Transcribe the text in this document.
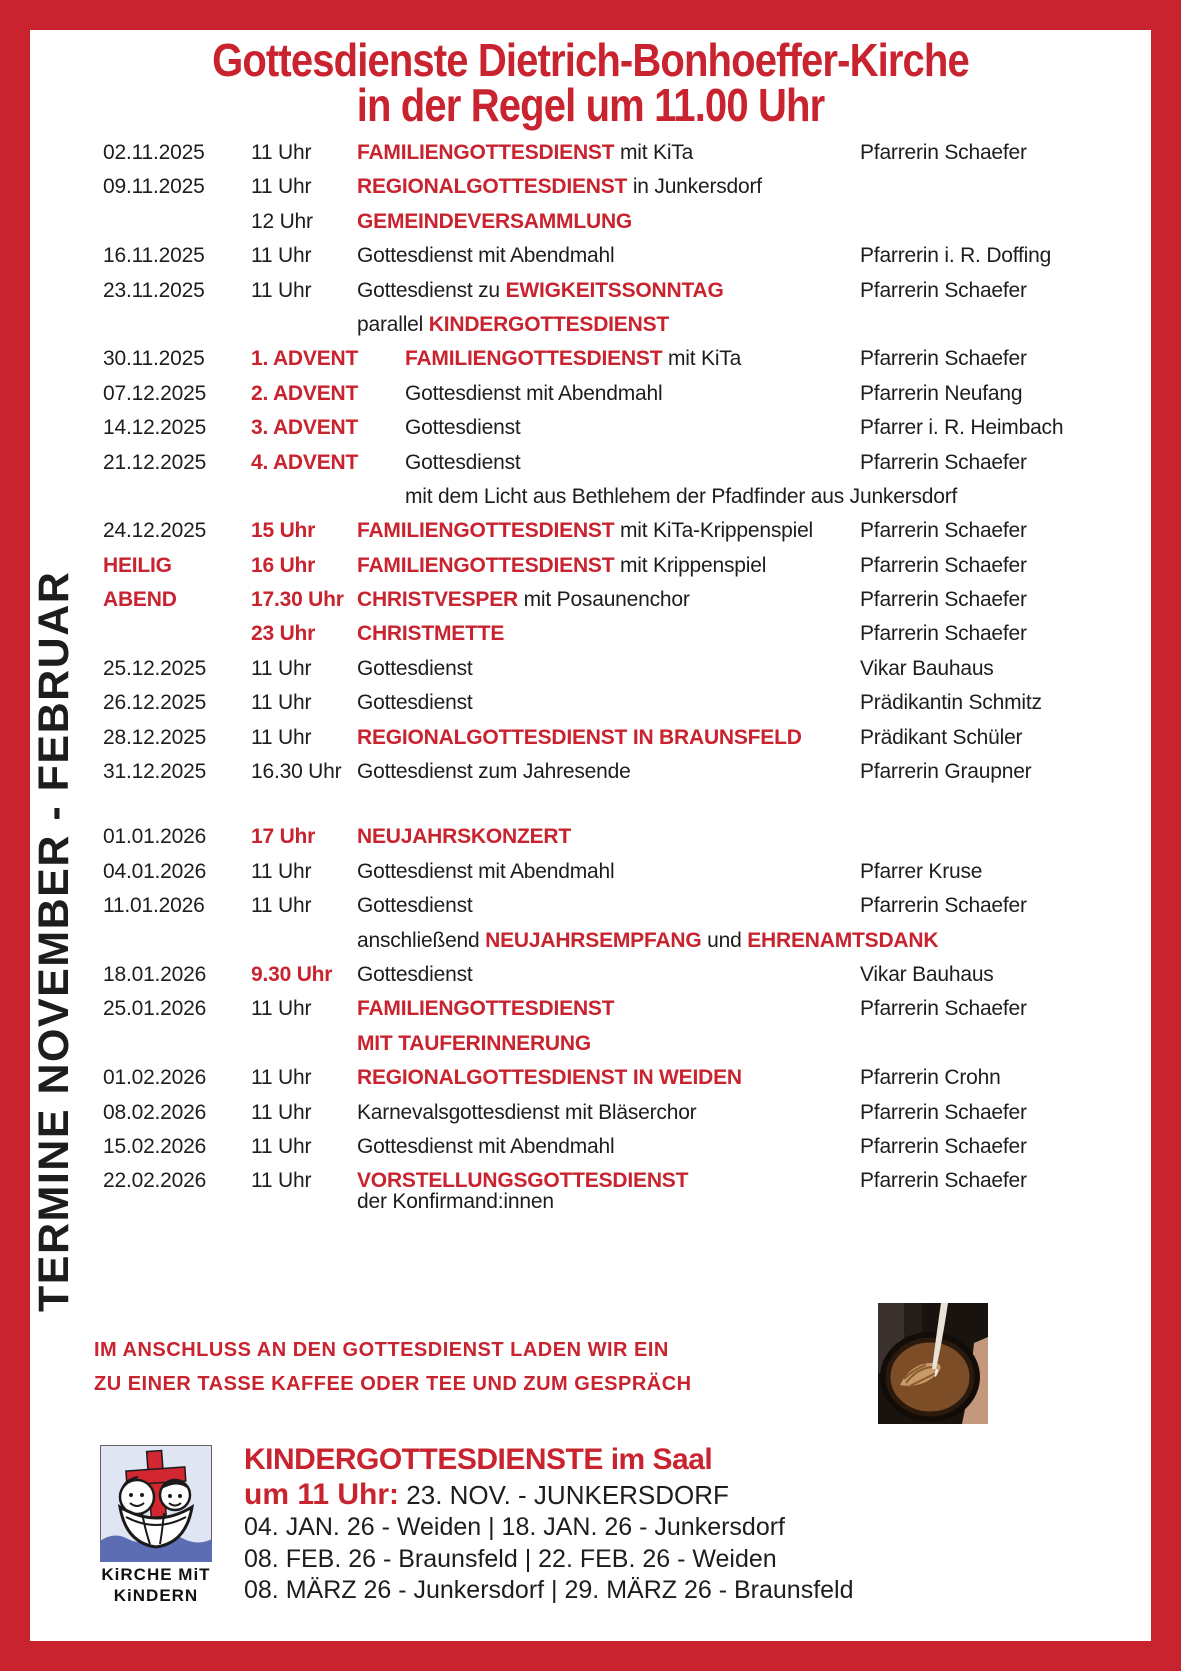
Gottesdienste Dietrich-Bonhoeffer-Kirche
in der Regel um 11.00 Uhr
TERMINE NOVEMBER - FEBRUAR
02.11.2025	11 Uhr	FAMILIENGOTTESDIENST mit KiTa	Pfarrerin Schaefer
09.11.2025	11 Uhr	REGIONALGOTTESDIENST in Junkersdorf
12 Uhr	GEMEINDEVERSAMMLUNG
16.11.2025	11 Uhr	Gottesdienst mit Abendmahl	Pfarrerin i. R. Doffing
23.11.2025	11 Uhr	Gottesdienst zu EWIGKEITSSONNTAG	Pfarrerin Schaefer
parallel KINDERGOTTESDIENST
30.11.2025	1. ADVENT	FAMILIENGOTTESDIENST mit KiTa	Pfarrerin Schaefer
07.12.2025	2. ADVENT	Gottesdienst mit Abendmahl	Pfarrerin Neufang
14.12.2025	3. ADVENT	Gottesdienst	Pfarrer i. R. Heimbach
21.12.2025	4. ADVENT	Gottesdienst	Pfarrerin Schaefer
mit dem Licht aus Bethlehem der Pfadfinder aus Junkersdorf
24.12.2025	15 Uhr	FAMILIENGOTTESDIENST mit KiTa-Krippenspiel	Pfarrerin Schaefer
HEILIG	16 Uhr	FAMILIENGOTTESDIENST mit Krippenspiel	Pfarrerin Schaefer
ABEND	17.30 Uhr CHRISTVESPER mit Posaunenchor	Pfarrerin Schaefer
23 Uhr	CHRISTMETTE	Pfarrerin Schaefer
25.12.2025	11 Uhr	Gottesdienst	Vikar Bauhaus
26.12.2025	11 Uhr	Gottesdienst	Prädikantin Schmitz
28.12.2025	11 Uhr	REGIONALGOTTESDIENST IN BRAUNSFELD	Prädikant Schüler
31.12.2025	16.30 Uhr Gottesdienst zum Jahresende	Pfarrerin Graupner
01.01.2026	17 Uhr	NEUJAHRSKONZERT
04.01.2026	11 Uhr	Gottesdienst mit Abendmahl	Pfarrer Kruse
11.01.2026	11 Uhr	Gottesdienst	Pfarrerin Schaefer
anschließend NEUJAHRSEMPFANG und EHRENAMTSDANK
18.01.2026	9.30 Uhr	Gottesdienst	Vikar Bauhaus
25.01.2026	11 Uhr	FAMILIENGOTTESDIENST	Pfarrerin Schaefer
MIT TAUFERINNERUNG
01.02.2026	11 Uhr	REGIONALGOTTESDIENST IN WEIDEN	Pfarrerin Crohn
08.02.2026	11 Uhr	Karnevalsgottesdienst mit Bläserchor	Pfarrerin Schaefer
15.02.2026	11 Uhr	Gottesdienst mit Abendmahl	Pfarrerin Schaefer
22.02.2026	11 Uhr	VORSTELLUNGSGOTTESDIENST	Pfarrerin Schaefer
der Konfirmand:innen
IM ANSCHLUSS AN DEN GOTTESDIENST LADEN WIR EIN
ZU EINER TASSE KAFFEE ODER TEE UND ZUM GESPRÄCH
KiRCHE MiT
KiNDERN
KINDERGOTTESDIENSTE im Saal
um 11 Uhr: 23. NOV. - JUNKERSDORF
04. JAN. 26 - Weiden | 18. JAN. 26 - Junkersdorf
08. FEB. 26 - Braunsfeld | 22. FEB. 26 - Weiden
08. MÄRZ 26 - Junkersdorf | 29. MÄRZ 26 - Braunsfeld
